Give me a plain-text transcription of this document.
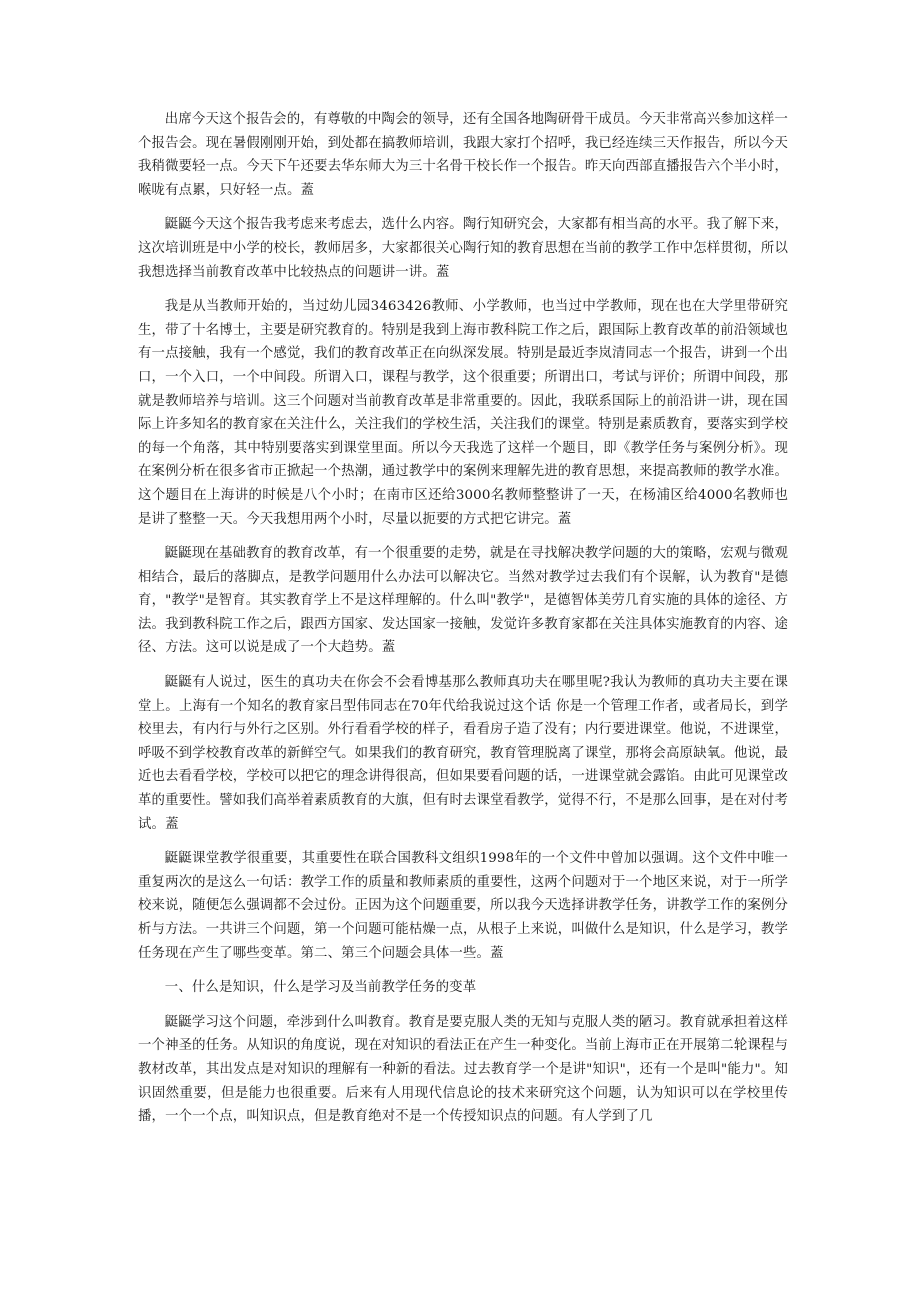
出席今天这个报告会的，有尊敬的中陶会的领导，还有全国各地陶研骨干成员。今天非常高兴参加这样一个报告会。现在暑假刚刚开始，到处都在搞教师培训，我跟大家打个招呼，我已经连续三天作报告，所以今天我稍微要轻一点。今天下午还要去华东师大为三十名骨干校长作一个报告。昨天向西部直播报告六个半小时，喉咙有点累，只好轻一点。蓋

鼮鼮今天这个报告我考虑来考虑去，选什么内容。陶行知研究会，大家都有相当高的水平。我了解下来，这次培训班是中小学的校长，教师居多，大家都很关心陶行知的教育思想在当前的教学工作中怎样贯彻，所以我想选择当前教育改革中比较热点的问题讲一讲。蓋

我是从当教师开始的，当过幼儿园3463426教师、小学教师，也当过中学教师，现在也在大学里带研究生，带了十名博士，主要是研究教育的。特别是我到上海市教科院工作之后，跟国际上教育改革的前沿领域也有一点接触，我有一个感觉，我们的教育改革正在向纵深发展。特别是最近李岚清同志一个报告，讲到一个出口，一个入口，一个中间段。所谓入口，课程与教学，这个很重要；所谓出口，考试与评价；所谓中间段，那就是教师培养与培训。这三个问题对当前教育改革是非常重要的。因此，我联系国际上的前沿讲一讲，现在国际上许多知名的教育家在关注什么，关注我们的学校生活，关注我们的课堂。特别是素质教育，要落实到学校的每一个角落，其中特别要落实到课堂里面。所以今天我选了这样一个题目，即《教学任务与案例分析》。现在案例分析在很多省市正掀起一个热潮，通过教学中的案例来理解先进的教育思想，来提高教师的教学水准。这个题目在上海讲的时候是八个小时；在南市区还给3000名教师整整讲了一天，在杨浦区给4000名教师也是讲了整整一天。今天我想用两个小时，尽量以扼要的方式把它讲完。蓋

鼮鼮现在基础教育的教育改革，有一个很重要的走势，就是在寻找解决教学问题的大的策略，宏观与微观相结合，最后的落脚点，是教学问题用什么办法可以解决它。当然对教学过去我们有个误解，认为教育"是德育，"教学"是智育。其实教育学上不是这样理解的。什么叫"教学"，是德智体美劳几育实施的具体的途径、方法。我到教科院工作之后，跟西方国家、发达国家一接触，发觉许多教育家都在关注具体实施教育的内容、途径、方法。这可以说是成了一个大趋势。蓋

鼮鼮有人说过，医生的真功夫在你会不会看博基那么教师真功夫在哪里呢?我认为教师的真功夫主要在课堂上。上海有一个知名的教育家吕型伟同志在70年代给我说过这个话 你是一个管理工作者，或者局长，到学校里去，有内行与外行之区别。外行看看学校的样子，看看房子造了没有；内行要进课堂。他说，不进课堂，呼吸不到学校教育改革的新鲜空气。如果我们的教育研究，教育管理脱离了课堂，那将会高原缺氧。他说，最近也去看看学校，学校可以把它的理念讲得很高，但如果要看问题的话，一进课堂就会露馅。由此可见课堂改革的重要性。譬如我们高举着素质教育的大旗，但有时去课堂看教学，觉得不行，不是那么回事，是在对付考试。蓋

鼮鼮课堂教学很重要，其重要性在联合国教科文组织1998年的一个文件中曾加以强调。这个文件中唯一重复两次的是这么一句话：教学工作的质量和教师素质的重要性，这两个问题对于一个地区来说，对于一所学校来说，随便怎么强调都不会过份。正因为这个问题重要，所以我今天选择讲教学任务，讲教学工作的案例分析与方法。一共讲三个问题，第一个问题可能枯燥一点，从根子上来说，叫做什么是知识，什么是学习，教学任务现在产生了哪些变革。第二、第三个问题会具体一些。蓋

一、什么是知识，什么是学习及当前教学任务的变革

鼮鼮学习这个问题，牵涉到什么叫教育。教育是要克服人类的无知与克服人类的陋习。教育就承担着这样一个神圣的任务。从知识的角度说，现在对知识的看法正在产生一种变化。当前上海市正在开展第二轮课程与教材改革，其出发点是对知识的理解有一种新的看法。过去教育学一个是讲"知识"，还有一个是叫"能力"。知识固然重要，但是能力也很重要。后来有人用现代信息论的技术来研究这个问题，认为知识可以在学校里传播，一个一个点，叫知识点，但是教育绝对不是一个传授知识点的问题。有人学到了几
